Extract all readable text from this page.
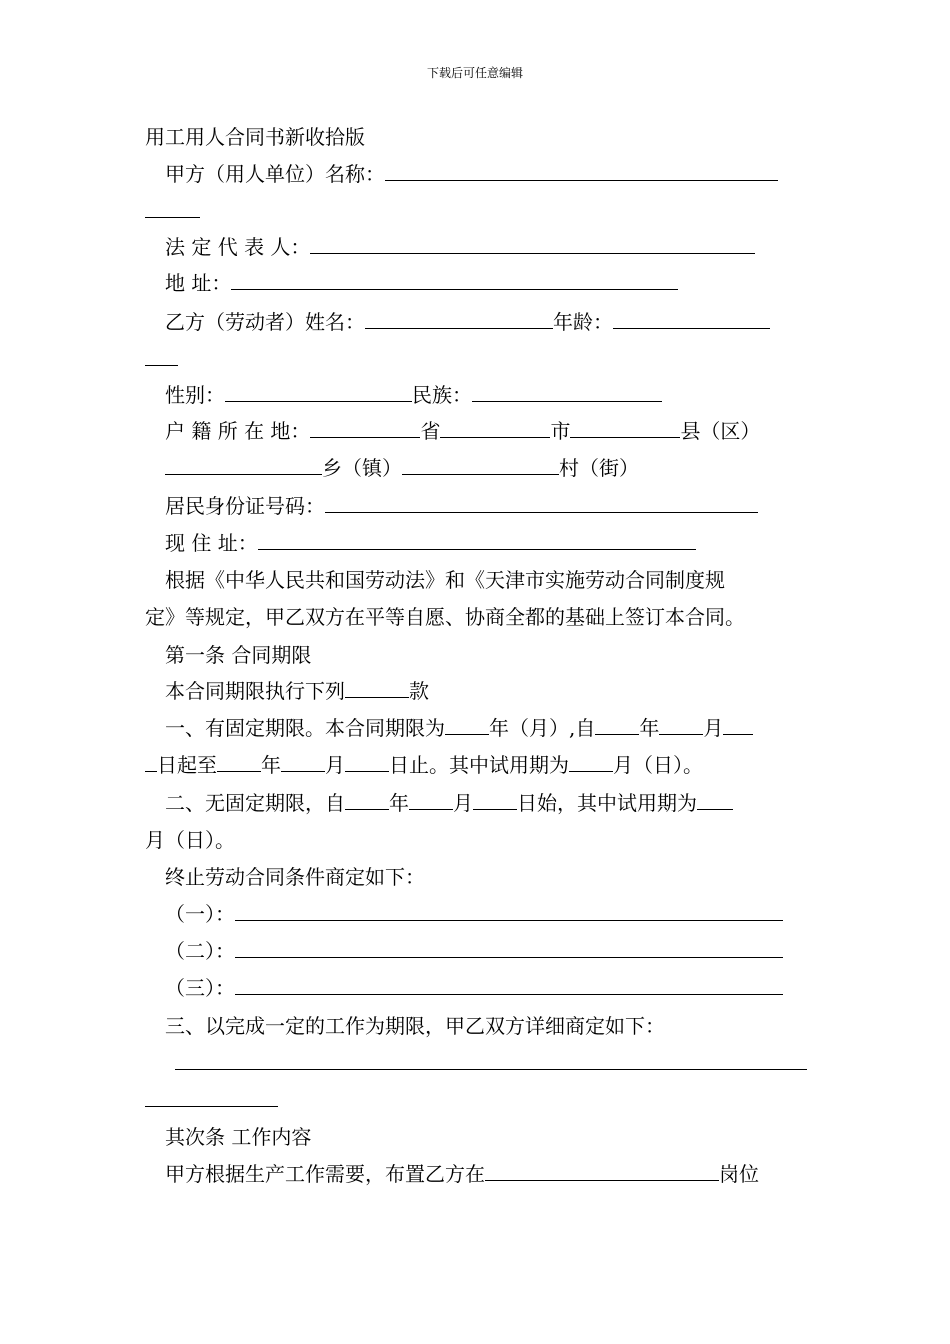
下载后可任意编辑
用工用人合同书新收拾版
甲方（用人单位）名称：
法 定 代 表 人：
地 址：
乙方（劳动者）姓名：	年龄：
性别：	民族：
户 籍 所 在 地：	省	市	县（区）
乡（镇）	村（街）
居民身份证号码：
现 住 址：
根据《中华人民共和国劳动法》和《天津市实施劳动合同制度规
定》等规定，甲乙双方在平等自愿、协商全都的基础上签订本合同。
第一条 合同期限
本合同期限执行下列	款
一、有固定期限。本合同期限为 年（月）,自 年 月
日起至 年 月 日止。其中试用期为 月（日）。
二、无固定期限，自 年 月 日始，其中试用期为
月（日）。
终止劳动合同条件商定如下：
（一）：
（二）：
（三）：
三、以完成一定的工作为期限，甲乙双方详细商定如下：
其次条 工作内容
甲方根据生产工作需要，布置乙方在	岗位
